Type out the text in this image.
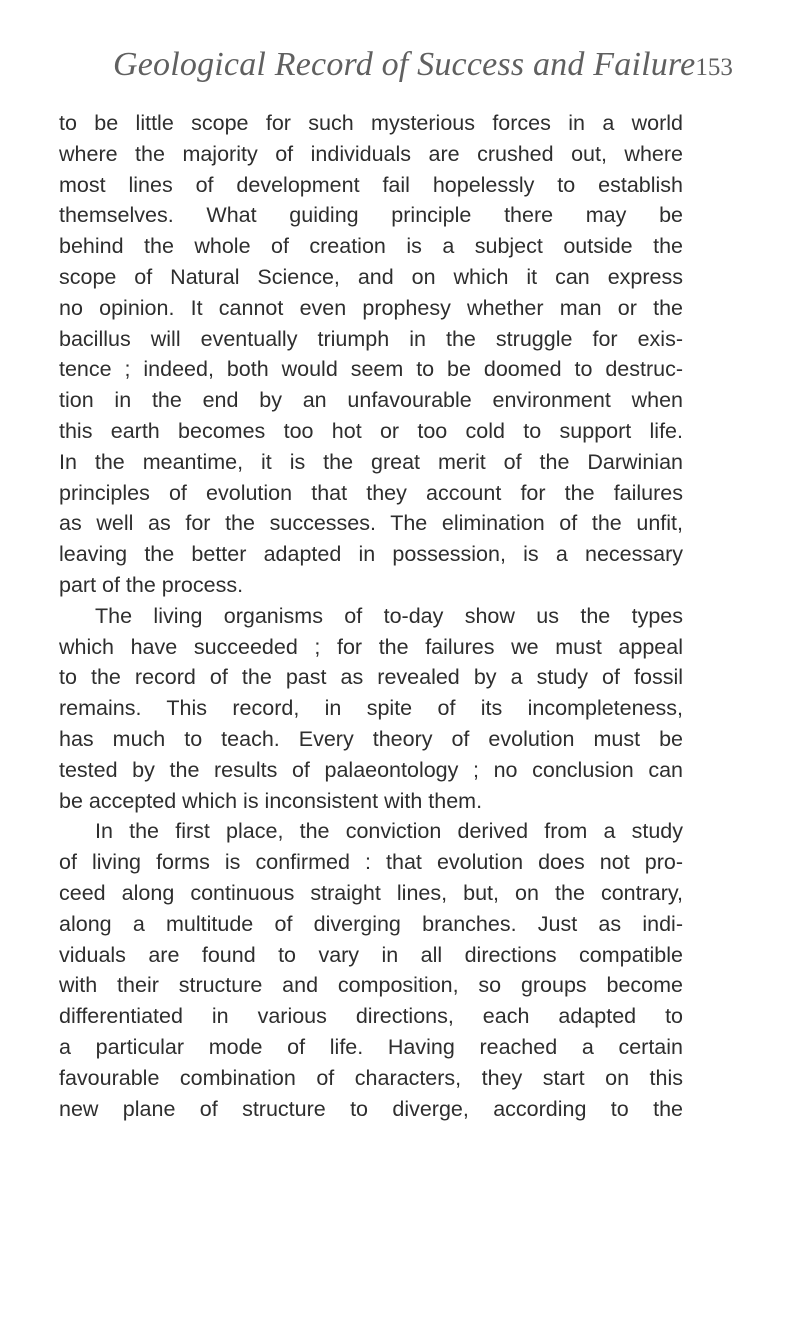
Geological Record of Success and Failure 153
to be little scope for such mysterious forces in a world
where the majority of individuals are crushed out, where
most lines of development fail hopelessly to establish
themselves. What guiding principle there may be
behind the whole of creation is a subject outside the
scope of Natural Science, and on which it can express
no opinion. It cannot even prophesy whether man or the
bacillus will eventually triumph in the struggle for exis-
tence ; indeed, both would seem to be doomed to destruc-
tion in the end by an unfavourable environment when
this earth becomes too hot or too cold to support life.
In the meantime, it is the great merit of the Darwinian
principles of evolution that they account for the failures
as well as for the successes. The elimination of the unfit,
leaving the better adapted in possession, is a necessary
part of the process.
The living organisms of to-day show us the types
which have succeeded ; for the failures we must appeal
to the record of the past as revealed by a study of fossil
remains. This record, in spite of its incompleteness,
has much to teach. Every theory of evolution must be
tested by the results of palaeontology ; no conclusion can
be accepted which is inconsistent with them.
In the first place, the conviction derived from a study
of living forms is confirmed : that evolution does not pro-
ceed along continuous straight lines, but, on the contrary,
along a multitude of diverging branches. Just as indi-
viduals are found to vary in all directions compatible
with their structure and composition, so groups become
differentiated in various directions, each adapted to
a particular mode of life. Having reached a certain
favourable combination of characters, they start on this
new plane of structure to diverge, according to the
